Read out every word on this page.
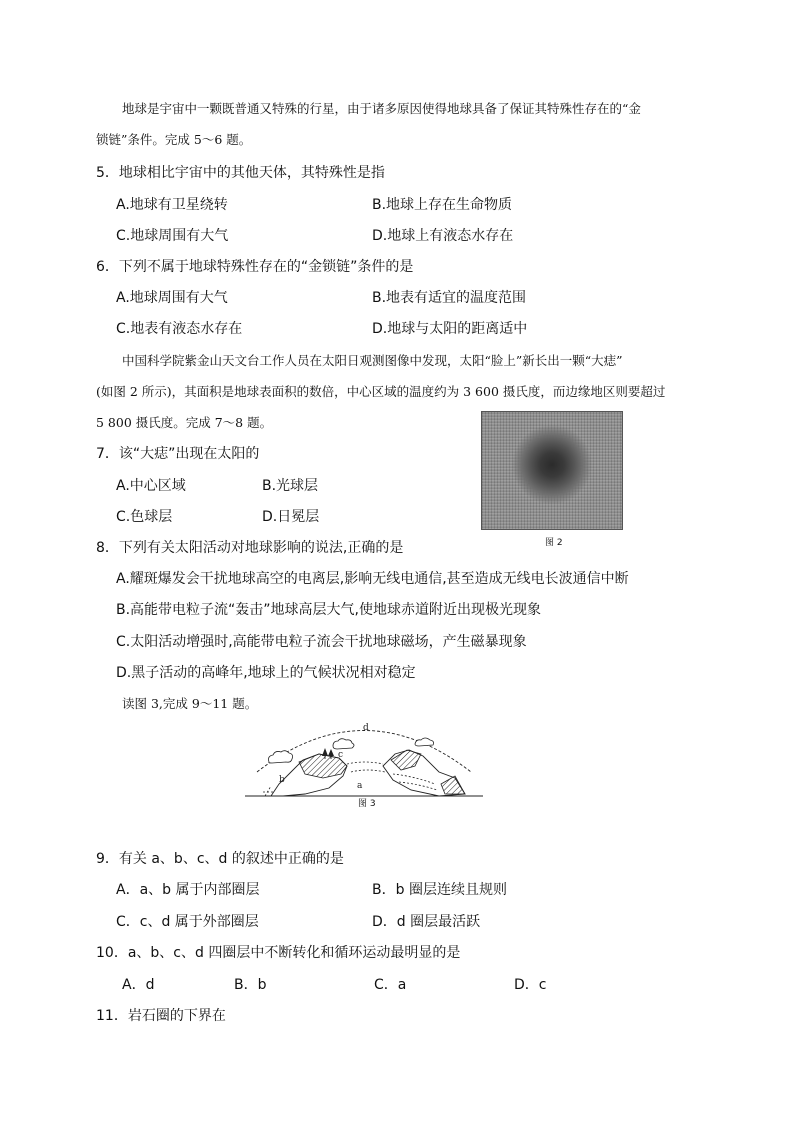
地球是宇宙中一颗既普通又特殊的行星，由于诸多原因使得地球具备了保证其特殊性存在的“金
锁链”条件。完成 5～6 题。
5．地球相比宇宙中的其他天体，其特殊性是指
A.地球有卫星绕转	B.地球上存在生命物质
C.地球周围有大气	D.地球上有液态水存在
6．下列不属于地球特殊性存在的“金锁链”条件的是
A.地球周围有大气	B.地表有适宜的温度范围
C.地表有液态水存在	D.地球与太阳的距离适中
中国科学院紫金山天文台工作人员在太阳日观测图像中发现，太阳“脸上”新长出一颗“大痣”
(如图 2 所示)，其面积是地球表面积的数倍，中心区域的温度约为 3 600 摄氏度，而边缘地区则要超过
5 800 摄氏度。完成 7～8 题。
图 2
7．该“大痣”出现在太阳的
A.中心区域	B.光球层
C.色球层	D.日冕层
8．下列有关太阳活动对地球影响的说法,正确的是
A.耀斑爆发会干扰地球高空的电离层,影响无线电通信,甚至造成无线电长波通信中断
B.高能带电粒子流“轰击”地球高层大气,使地球赤道附近出现极光现象
C.太阳活动增强时,高能带电粒子流会干扰地球磁场，产生磁暴现象
D.黑子活动的高峰年,地球上的气候状况相对稳定
读图 3,完成 9～11 题。
d
c
b
a
图 3
9．有关 a、b、c、d 的叙述中正确的是
A．a、b 属于内部圈层	B．b 圈层连续且规则
C．c、d 属于外部圈层	D．d 圈层最活跃
10．a、b、c、d 四圈层中不断转化和循环运动最明显的是
A．d	B．b	C．a	D．c
11．岩石圈的下界在
